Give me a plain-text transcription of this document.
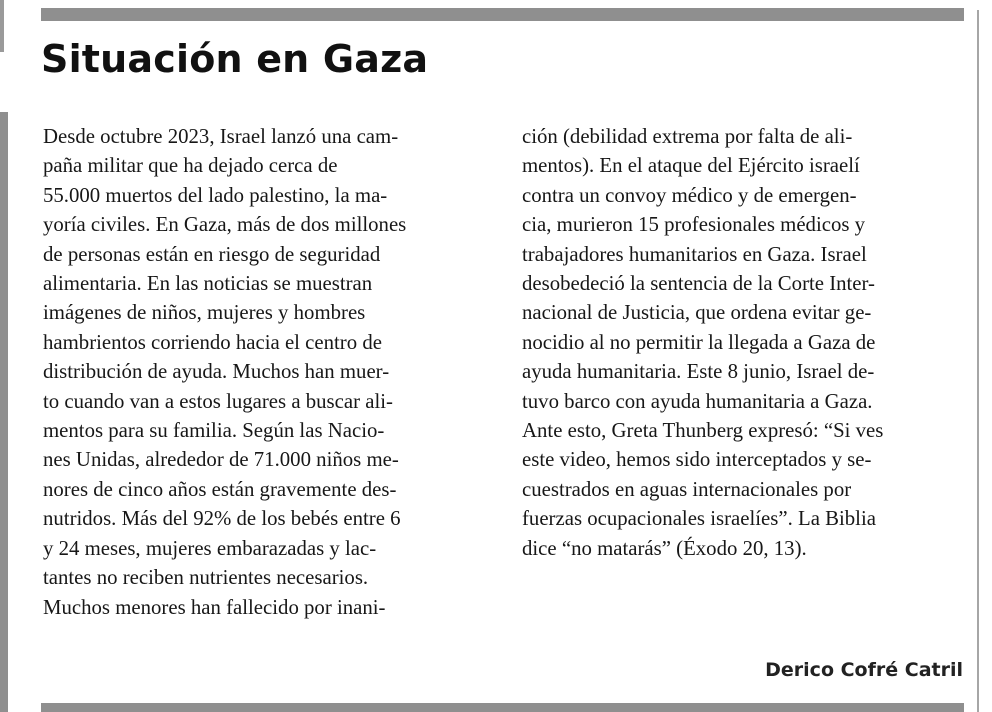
Situación en Gaza
Desde octubre 2023, Israel lanzó una cam-
paña militar que ha dejado cerca de
55.000 muertos del lado palestino, la ma-
yoría civiles. En Gaza, más de dos millones
de personas están en riesgo de seguridad
alimentaria. En las noticias se muestran
imágenes de niños, mujeres y hombres
hambrientos corriendo hacia el centro de
distribución de ayuda. Muchos han muer-
to cuando van a estos lugares a buscar ali-
mentos para su familia. Según las Nacio-
nes Unidas, alrededor de 71.000 niños me-
nores de cinco años están gravemente des-
nutridos. Más del 92% de los bebés entre 6
y 24 meses, mujeres embarazadas y lac-
tantes no reciben nutrientes necesarios.
Muchos menores han fallecido por inani-
ción (debilidad extrema por falta de ali-
mentos). En el ataque del Ejército israelí
contra un convoy médico y de emergen-
cia, murieron 15 profesionales médicos y
trabajadores humanitarios en Gaza. Israel
desobedeció la sentencia de la Corte Inter-
nacional de Justicia, que ordena evitar ge-
nocidio al no permitir la llegada a Gaza de
ayuda humanitaria. Este 8 junio, Israel de-
tuvo barco con ayuda humanitaria a Gaza.
Ante esto, Greta Thunberg expresó: “Si ves
este video, hemos sido interceptados y se-
cuestrados en aguas internacionales por
fuerzas ocupacionales israelíes”. La Biblia
dice “no matarás” (Éxodo 20, 13).
Derico Cofré Catril
